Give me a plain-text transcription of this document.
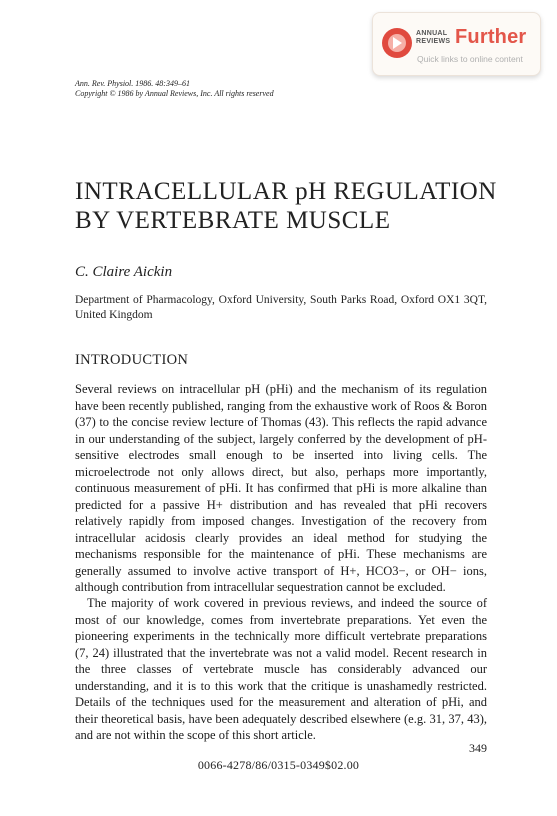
ANNUAL
REVIEWS Further
Quick links to online content
Ann. Rev. Physiol. 1986. 48:349–61
Copyright © 1986 by Annual Reviews, Inc. All rights reserved
INTRACELLULAR pH REGULATION
BY VERTEBRATE MUSCLE
C. Claire Aickin
Department of Pharmacology, Oxford University, South Parks Road, Oxford OX1 3QT, United Kingdom
INTRODUCTION

Several reviews on intracellular pH (pHi) and the mechanism of its regulation have been recently published, ranging from the exhaustive work of Roos & Boron (37) to the concise review lecture of Thomas (43). This reflects the rapid advance in our understanding of the subject, largely conferred by the development of pH-sensitive electrodes small enough to be inserted into living cells. The microelectrode not only allows direct, but also, perhaps more importantly, continuous measurement of pHi. It has confirmed that pHi is more alkaline than predicted for a passive H+ distribution and has revealed that pHi recovers relatively rapidly from imposed changes. Investigation of the recovery from intracellular acidosis clearly provides an ideal method for studying the mechanisms responsible for the maintenance of pHi. These mechanisms are generally assumed to involve active transport of H+, HCO3−, or OH− ions, although contribution from intracellular sequestration cannot be excluded.

The majority of work covered in previous reviews, and indeed the source of most of our knowledge, comes from invertebrate preparations. Yet even the pioneering experiments in the technically more difficult vertebrate preparations (7, 24) illustrated that the invertebrate was not a valid model. Recent research in the three classes of vertebrate muscle has considerably advanced our understanding, and it is to this work that the critique is unashamedly restricted. Details of the techniques used for the measurement and alteration of pHi, and their theoretical basis, have been adequately described elsewhere (e.g. 31, 37, 43), and are not within the scope of this short article.

349
0066-4278/86/0315-0349$02.00
